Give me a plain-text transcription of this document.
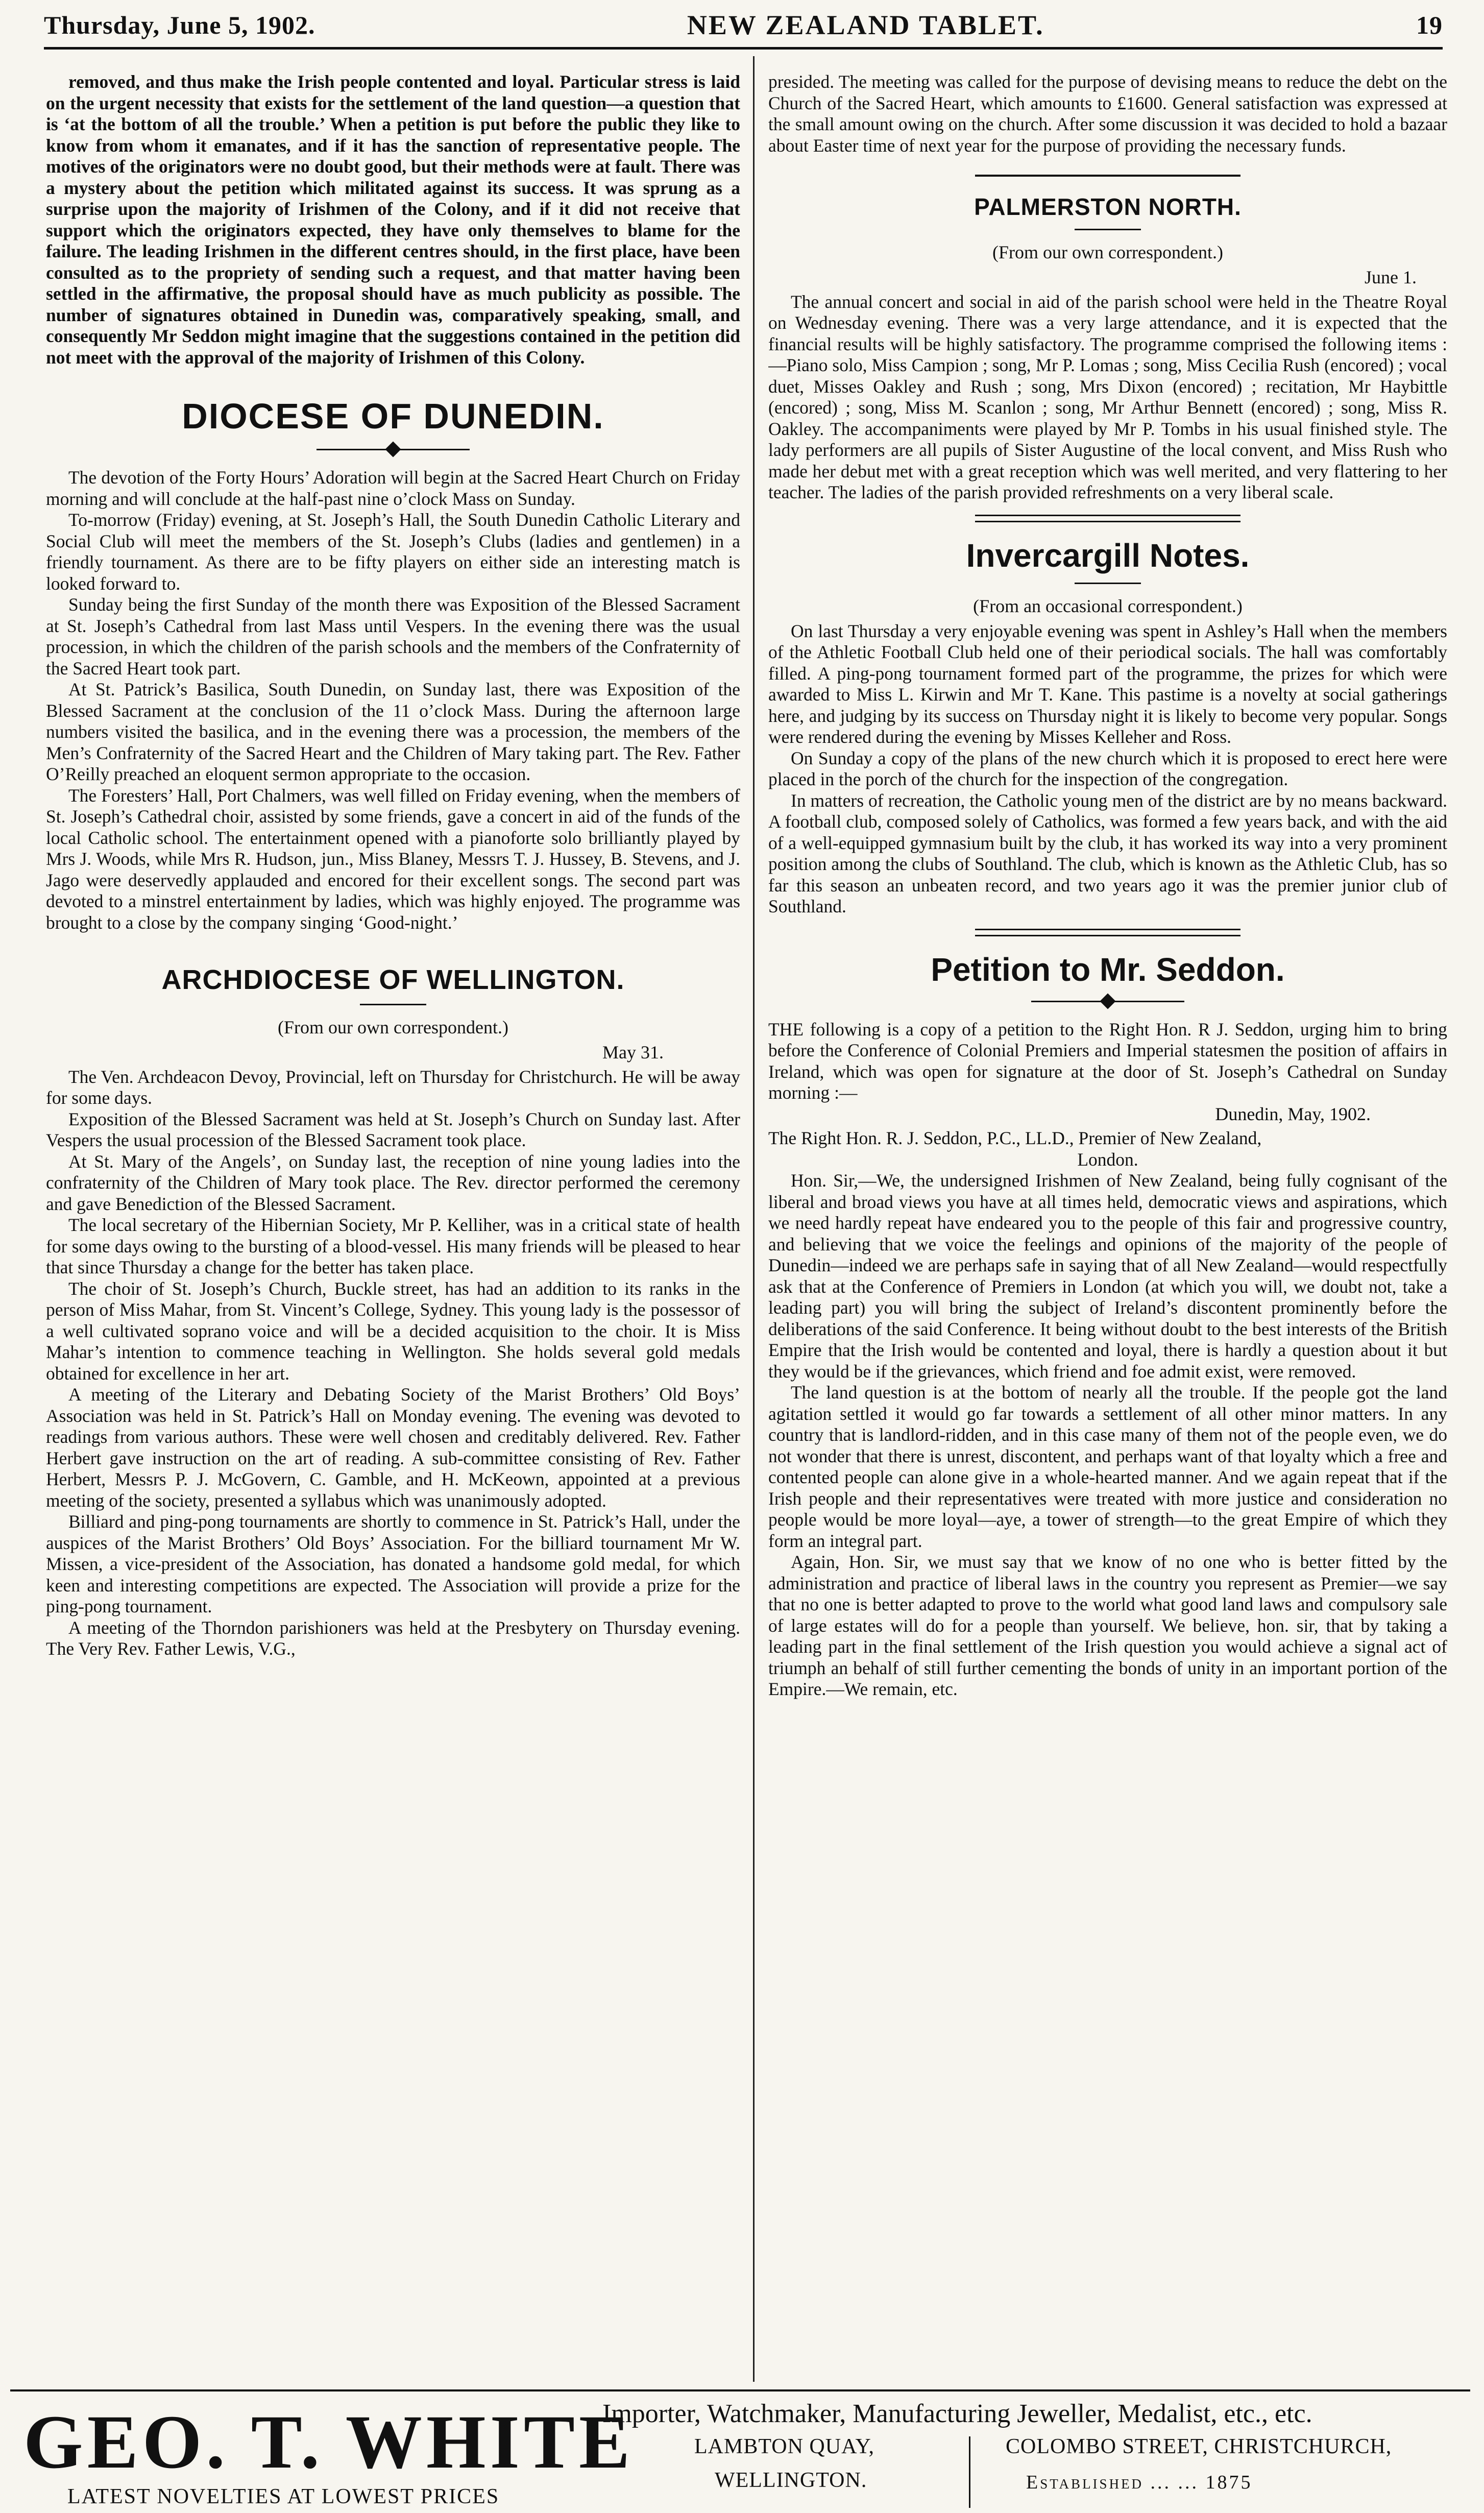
Thursday, June 5, 1902.	NEW ZEALAND TABLET.	19

removed, and thus make the Irish people contented and loyal. Particular stress is laid on the urgent necessity that exists for the settlement of the land question—a question that is ‘at the bottom of all the trouble.’ When a petition is put before the public they like to know from whom it emanates, and if it has the sanction of representative people. The motives of the originators were no doubt good, but their methods were at fault. There was a mystery about the petition which militated against its success. It was sprung as a surprise upon the majority of Irishmen of the Colony, and if it did not receive that support which the originators expected, they have only themselves to blame for the failure. The leading Irishmen in the different centres should, in the first place, have been consulted as to the propriety of sending such a request, and that matter having been settled in the affirmative, the proposal should have as much publicity as possible. The number of signatures obtained in Dunedin was, comparatively speaking, small, and consequently Mr Seddon might imagine that the suggestions contained in the petition did not meet with the approval of the majority of Irishmen of this Colony.

DIOCESE OF DUNEDIN.

The devotion of the Forty Hours’ Adoration will begin at the Sacred Heart Church on Friday morning and will conclude at the half-past nine o’clock Mass on Sunday.

To-morrow (Friday) evening, at St. Joseph’s Hall, the South Dunedin Catholic Literary and Social Club will meet the members of the St. Joseph’s Clubs (ladies and gentlemen) in a friendly tournament. As there are to be fifty players on either side an interesting match is looked forward to.

Sunday being the first Sunday of the month there was Exposition of the Blessed Sacrament at St. Joseph’s Cathedral from last Mass until Vespers. In the evening there was the usual procession, in which the children of the parish schools and the members of the Confraternity of the Sacred Heart took part.

At St. Patrick’s Basilica, South Dunedin, on Sunday last, there was Exposition of the Blessed Sacrament at the conclusion of the 11 o’clock Mass. During the afternoon large numbers visited the basilica, and in the evening there was a procession, the members of the Men’s Confraternity of the Sacred Heart and the Children of Mary taking part. The Rev. Father O’Reilly preached an eloquent sermon appropriate to the occasion.

The Foresters’ Hall, Port Chalmers, was well filled on Friday evening, when the members of St. Joseph’s Cathedral choir, assisted by some friends, gave a concert in aid of the funds of the local Catholic school. The entertainment opened with a pianoforte solo brilliantly played by Mrs J. Woods, while Mrs R. Hudson, jun., Miss Blaney, Messrs T. J. Hussey, B. Stevens, and J. Jago were deservedly applauded and encored for their excellent songs. The second part was devoted to a minstrel entertainment by ladies, which was highly enjoyed. The programme was brought to a close by the company singing ‘Good-night.’

ARCHDIOCESE OF WELLINGTON.
(From our own correspondent.)

May 31.

The Ven. Archdeacon Devoy, Provincial, left on Thursday for Christchurch. He will be away for some days.

Exposition of the Blessed Sacrament was held at St. Joseph’s Church on Sunday last. After Vespers the usual procession of the Blessed Sacrament took place.

At St. Mary of the Angels’, on Sunday last, the reception of nine young ladies into the confraternity of the Children of Mary took place. The Rev. director performed the ceremony and gave Benediction of the Blessed Sacrament.

The local secretary of the Hibernian Society, Mr P. Kelliher, was in a critical state of health for some days owing to the bursting of a blood-vessel. His many friends will be pleased to hear that since Thursday a change for the better has taken place.

The choir of St. Joseph’s Church, Buckle street, has had an addition to its ranks in the person of Miss Mahar, from St. Vincent’s College, Sydney. This young lady is the possessor of a well cultivated soprano voice and will be a decided acquisition to the choir. It is Miss Mahar’s intention to commence teaching in Wellington. She holds several gold medals obtained for excellence in her art.

A meeting of the Literary and Debating Society of the Marist Brothers’ Old Boys’ Association was held in St. Patrick’s Hall on Monday evening. The evening was devoted to readings from various authors. These were well chosen and creditably delivered. Rev. Father Herbert gave instruction on the art of reading. A sub-committee consisting of Rev. Father Herbert, Messrs P. J. McGovern, C. Gamble, and H. McKeown, appointed at a previous meeting of the society, presented a syllabus which was unanimously adopted.

Billiard and ping-pong tournaments are shortly to commence in St. Patrick’s Hall, under the auspices of the Marist Brothers’ Old Boys’ Association. For the billiard tournament Mr W. Missen, a vice-president of the Association, has donated a handsome gold medal, for which keen and interesting competitions are expected. The Association will provide a prize for the ping-pong tournament.

A meeting of the Thorndon parishioners was held at the Presbytery on Thursday evening. The Very Rev. Father Lewis, V.G.,

presided. The meeting was called for the purpose of devising means to reduce the debt on the Church of the Sacred Heart, which amounts to £1600. General satisfaction was expressed at the small amount owing on the church. After some discussion it was decided to hold a bazaar about Easter time of next year for the purpose of providing the necessary funds.

PALMERSTON NORTH.
(From our own correspondent.)

June 1.

The annual concert and social in aid of the parish school were held in the Theatre Royal on Wednesday evening. There was a very large attendance, and it is expected that the financial results will be highly satisfactory. The programme comprised the following items :—Piano solo, Miss Campion ; song, Mr P. Lomas ; song, Miss Cecilia Rush (encored) ; vocal duet, Misses Oakley and Rush ; song, Mrs Dixon (encored) ; recitation, Mr Haybittle (encored) ; song, Miss M. Scanlon ; song, Mr Arthur Bennett (encored) ; song, Miss R. Oakley. The accompaniments were played by Mr P. Tombs in his usual finished style. The lady performers are all pupils of Sister Augustine of the local convent, and Miss Rush who made her debut met with a great reception which was well merited, and very flattering to her teacher. The ladies of the parish provided refreshments on a very liberal scale.

Invercargill Notes.
(From an occasional correspondent.)

On last Thursday a very enjoyable evening was spent in Ashley’s Hall when the members of the Athletic Football Club held one of their periodical socials. The hall was comfortably filled. A ping-pong tournament formed part of the programme, the prizes for which were awarded to Miss L. Kirwin and Mr T. Kane. This pastime is a novelty at social gatherings here, and judging by its success on Thursday night it is likely to become very popular. Songs were rendered during the evening by Misses Kelleher and Ross.

On Sunday a copy of the plans of the new church which it is proposed to erect here were placed in the porch of the church for the inspection of the congregation.

In matters of recreation, the Catholic young men of the district are by no means backward. A football club, composed solely of Catholics, was formed a few years back, and with the aid of a well-equipped gymnasium built by the club, it has worked its way into a very prominent position among the clubs of Southland. The club, which is known as the Athletic Club, has so far this season an unbeaten record, and two years ago it was the premier junior club of Southland.

Petition to Mr. Seddon.

THE following is a copy of a petition to the Right Hon. R J. Seddon, urging him to bring before the Conference of Colonial Premiers and Imperial statesmen the position of affairs in Ireland, which was open for signature at the door of St. Joseph’s Cathedral on Sunday morning :—

Dunedin, May, 1902.

The Right Hon. R. J. Seddon, P.C., LL.D., Premier of New Zealand,
London.

Hon. Sir,—We, the undersigned Irishmen of New Zealand, being fully cognisant of the liberal and broad views you have at all times held, democratic views and aspirations, which we need hardly repeat have endeared you to the people of this fair and progressive country, and believing that we voice the feelings and opinions of the majority of the people of Dunedin—indeed we are perhaps safe in saying that of all New Zealand—would respectfully ask that at the Conference of Premiers in London (at which you will, we doubt not, take a leading part) you will bring the subject of Ireland’s discontent prominently before the deliberations of the said Conference. It being without doubt to the best interests of the British Empire that the Irish would be contented and loyal, there is hardly a question about it but they would be if the grievances, which friend and foe admit exist, were removed.

The land question is at the bottom of nearly all the trouble. If the people got the land agitation settled it would go far towards a settlement of all other minor matters. In any country that is landlord-ridden, and in this case many of them not of the people even, we do not wonder that there is unrest, discontent, and perhaps want of that loyalty which a free and contented people can alone give in a whole-hearted manner. And we again repeat that if the Irish people and their representatives were treated with more justice and consideration no people would be more loyal—aye, a tower of strength—to the great Empire of which they form an integral part.

Again, Hon. Sir, we must say that we know of no one who is better fitted by the administration and practice of liberal laws in the country you represent as Premier—we say that no one is better adapted to prove to the world what good land laws and compulsory sale of large estates will do for a people than yourself. We believe, hon. sir, that by taking a leading part in the final settlement of the Irish question you would achieve a signal act of triumph an behalf of still further cementing the bonds of unity in an important portion of the Empire.—We remain, etc.

GEO. T. WHITE
LATEST NOVELTIES AT LOWEST PRICES
Importer, Watchmaker, Manufacturing Jeweller, Medalist, etc., etc.
LAMBTON QUAY,
WELLINGTON.
COLOMBO STREET, CHRISTCHURCH,
Established ... ... 1875
